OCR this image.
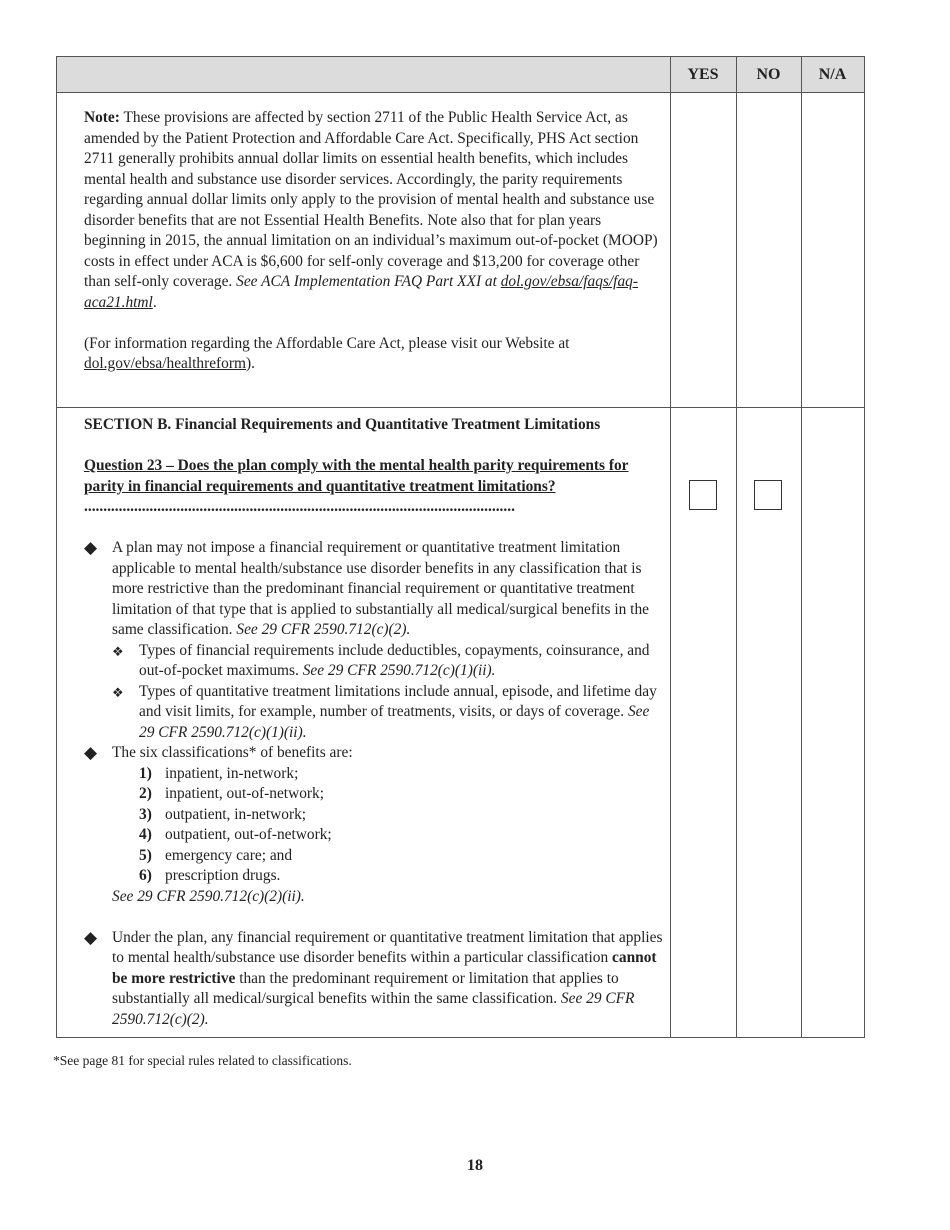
YES	NO	N/A

Note: These provisions are affected by section 2711 of the Public Health Service Act, as amended by the Patient Protection and Affordable Care Act. Specifically, PHS Act section 2711 generally prohibits annual dollar limits on essential health benefits, which includes mental health and substance use disorder services. Accordingly, the parity requirements regarding annual dollar limits only apply to the provision of mental health and substance use disorder benefits that are not Essential Health Benefits. Note also that for plan years beginning in 2015, the annual limitation on an individual’s maximum out-of-pocket (MOOP) costs in effect under ACA is $6,600 for self-only coverage and $13,200 for coverage other than self-only coverage. See ACA Implementation FAQ Part XXI at dol.gov/ebsa/faqs/faq-aca21.html.

(For information regarding the Affordable Care Act, please visit our Website at dol.gov/ebsa/healthreform).

SECTION B. Financial Requirements and Quantitative Treatment Limitations

Question 23 – Does the plan comply with the mental health parity requirements for parity in financial requirements and quantitative treatment limitations? ................................................................................................................

◆ A plan may not impose a financial requirement or quantitative treatment limitation applicable to mental health/substance use disorder benefits in any classification that is more restrictive than the predominant financial requirement or quantitative treatment limitation of that type that is applied to substantially all medical/surgical benefits in the same classification. See 29 CFR 2590.712(c)(2).
❖ Types of financial requirements include deductibles, copayments, coinsurance, and out-of-pocket maximums. See 29 CFR 2590.712(c)(1)(ii).
❖ Types of quantitative treatment limitations include annual, episode, and lifetime day and visit limits, for example, number of treatments, visits, or days of coverage. See 29 CFR 2590.712(c)(1)(ii).
◆ The six classifications* of benefits are:
1) inpatient, in-network;
2) inpatient, out-of-network;
3) outpatient, in-network;
4) outpatient, out-of-network;
5) emergency care; and
6) prescription drugs.

See 29 CFR 2590.712(c)(2)(ii).

◆ Under the plan, any financial requirement or quantitative treatment limitation that applies to mental health/substance use disorder benefits within a particular classification cannot be more restrictive than the predominant requirement or limitation that applies to substantially all medical/surgical benefits within the same classification. See 29 CFR 2590.712(c)(2).
*See page 81 for special rules related to classifications.
18
